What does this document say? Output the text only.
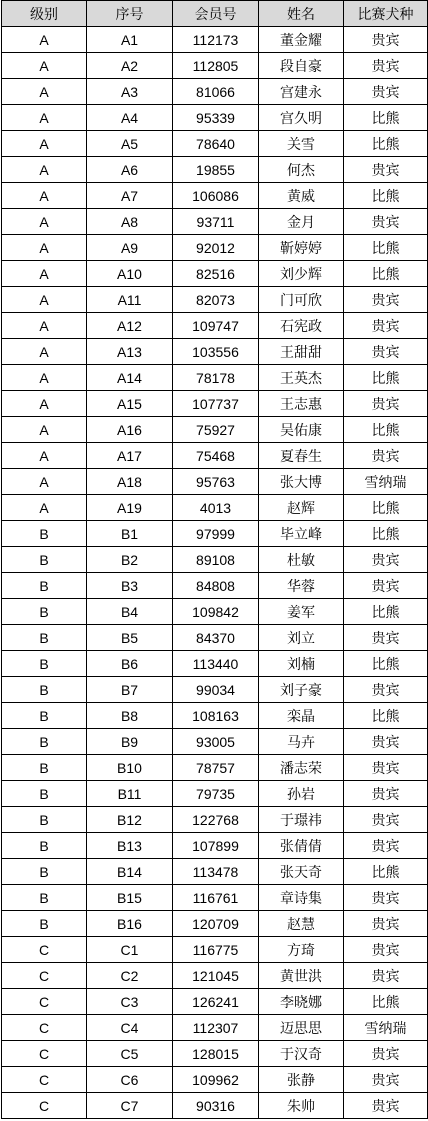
级别	序号	会员号	姓名	比赛犬种
A	A1	112173	董金耀	贵宾
A	A2	112805	段自豪	贵宾
A	A3	81066	宫建永	贵宾
A	A4	95339	宫久明	比熊
A	A5	78640	关雪	比熊
A	A6	19855	何杰	贵宾
A	A7	106086	黄威	比熊
A	A8	93711	金月	贵宾
A	A9	92012	靳婷婷	比熊
A	A10	82516	刘少辉	比熊
A	A11	82073	门可欣	贵宾
A	A12	109747	石宪政	贵宾
A	A13	103556	王甜甜	贵宾
A	A14	78178	王英杰	比熊
A	A15	107737	王志惠	贵宾
A	A16	75927	吴佑康	比熊
A	A17	75468	夏春生	贵宾
A	A18	95763	张大博	雪纳瑞
A	A19	4013	赵辉	比熊
B	B1	97999	毕立峰	比熊
B	B2	89108	杜敏	贵宾
B	B3	84808	华蓉	贵宾
B	B4	109842	姜军	比熊
B	B5	84370	刘立	贵宾
B	B6	113440	刘楠	比熊
B	B7	99034	刘子豪	贵宾
B	B8	108163	栾晶	比熊
B	B9	93005	马卉	贵宾
B	B10	78757	潘志荣	贵宾
B	B11	79735	孙岩	贵宾
B	B12	122768	于璟祎	贵宾
B	B13	107899	张倩倩	贵宾
B	B14	113478	张天奇	比熊
B	B15	116761	章诗集	贵宾
B	B16	120709	赵慧	贵宾
C	C1	116775	方琦	贵宾
C	C2	121045	黄世洪	贵宾
C	C3	126241	李晓娜	比熊
C	C4	112307	迈思思	雪纳瑞
C	C5	128015	于汉奇	贵宾
C	C6	109962	张静	贵宾
C	C7	90316	朱帅	贵宾
